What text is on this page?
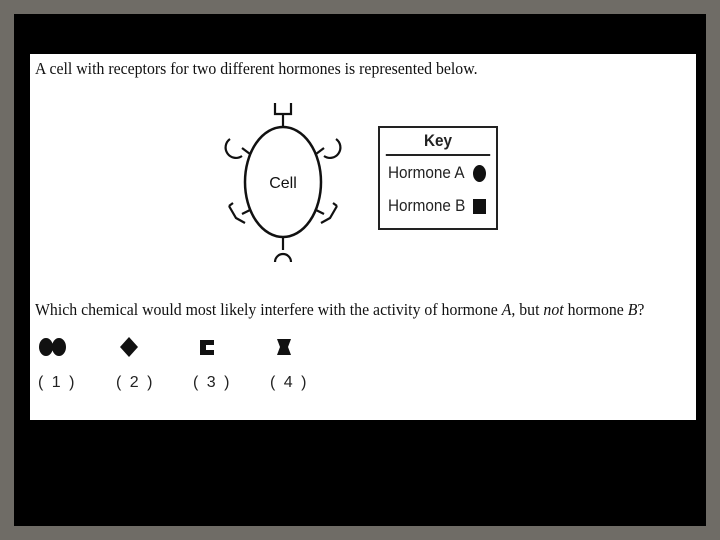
A cell with receptors for two different hormones is represented below.
Cell
Key
Hormone A
Hormone B
Which chemical would most likely interfere with the activity of hormone A, but not hormone B?
( 1 ) ( 2 ) ( 3 ) ( 4 )
